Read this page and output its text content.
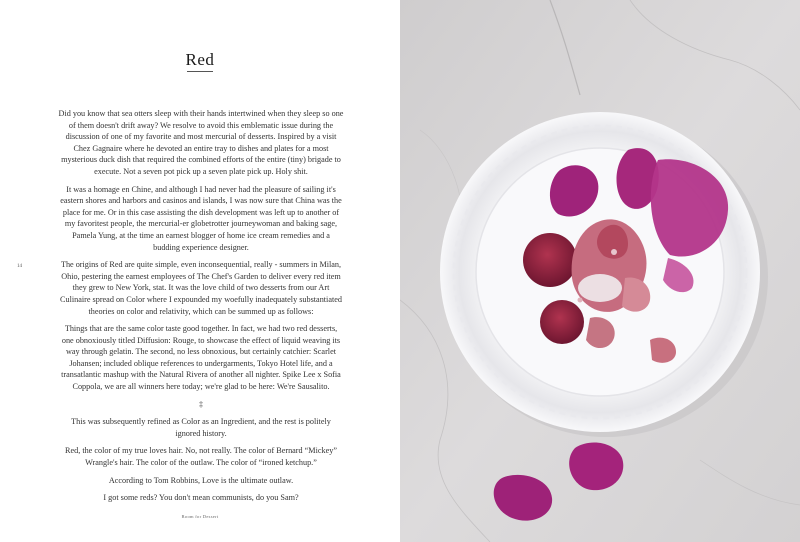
Red
14

Did you know that sea otters sleep with their hands intertwined when they sleep so one of them doesn't drift away? We resolve to avoid this emblematic issue during the discussion of one of my favorite and most mercurial of desserts. Inspired by a visit Chez Gagnaire where he devoted an entire tray to dishes and plates for a most mysterious duck dish that required the combined efforts of the entire (tiny) brigade to execute. Not a seven pot pick up a seven plate pick up. Holy shit.

It was a homage en Chine, and although I had never had the pleasure of sailing it's eastern shores and harbors and casinos and islands, I was now sure that China was the place for me. Or in this case assisting the dish development was left up to another of my favoritest people, the mercurial-er globetrotter journeywoman and baking sage, Pamela Yung, at the time an earnest blogger of home ice cream remedies and a budding experience designer.

The origins of Red are quite simple, even inconsequential, really - summers in Milan, Ohio, pestering the earnest employees of The Chef's Garden to deliver every red item they grew to New York, stat. It was the love child of two desserts from our Art Culinaire spread on Color where I expounded my woefully inadequately substantiated theories on color and relativity, which can be summed up as follows:

Things that are the same color taste good together. In fact, we had two red desserts, one obnoxiously titled Diffusion: Rouge, to showcase the effect of liquid weaving its way through gelatin. The second, no less obnoxious, but certainly catchier: Scarlet Johansen; included oblique references to undergarments, Tokyo Hotel life, and a transatlantic mashup with the Natural Rivera of another all nighter. Spike Lee x Sofia Coppola, we are all winners here today; we're glad to be here: We're Sausalito.

‡

This was subsequently refined as Color as an Ingredient, and the rest is politely ignored history.

Red, the color of my true loves hair. No, not really. The color of Bernard “Mickey” Wrangle's hair. The color of the outlaw. The color of “ironed ketchup.”

According to Tom Robbins, Love is the ultimate outlaw.

I got some reds? You don't mean communists, do you Sam?

Room for Dessert
